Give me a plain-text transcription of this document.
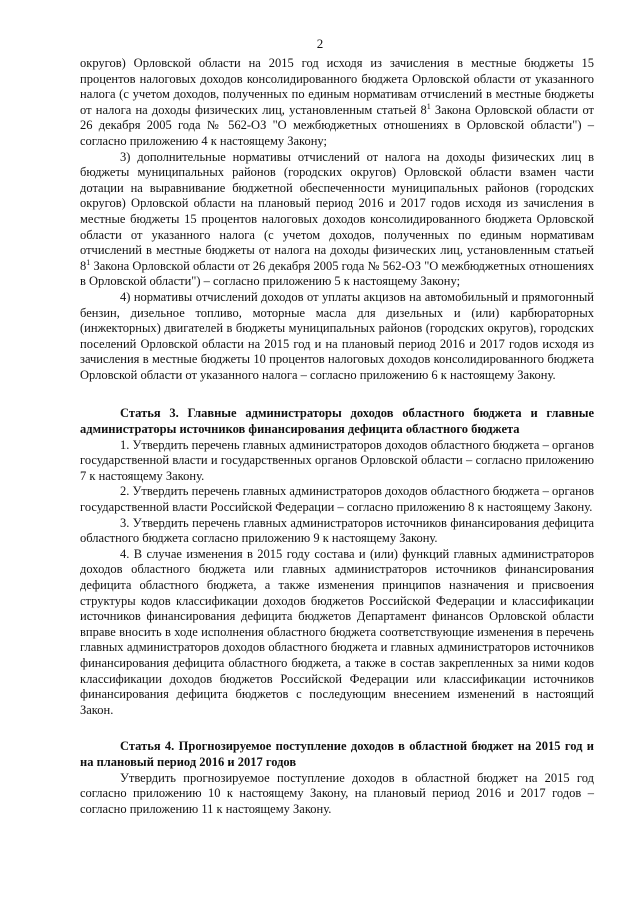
2

округов) Орловской области на 2015 год исходя из зачисления в местные бюджеты 15 процентов налоговых доходов консолидированного бюджета Орловской области от указанного налога (с учетом доходов, полученных по единым нормативам отчислений в местные бюджеты от налога на доходы физических лиц, установленным статьей $8^1$ Закона Орловской области от 26 декабря 2005 года № 562-ОЗ "О межбюджетных отношениях в Орловской области") – согласно приложению 4 к настоящему Закону;

3) дополнительные нормативы отчислений от налога на доходы физических лиц в бюджеты муниципальных районов (городских округов) Орловской области взамен части дотации на выравнивание бюджетной обеспеченности муниципальных районов (городских округов) Орловской области на плановый период 2016 и 2017 годов исходя из зачисления в местные бюджеты 15 процентов налоговых доходов консолидированного бюджета Орловской области от указанного налога (с учетом доходов, полученных по единым нормативам отчислений в местные бюджеты от налога на доходы физических лиц, установленным статьей $8^1$ Закона Орловской области от 26 декабря 2005 года № 562-ОЗ "О межбюджетных отношениях в Орловской области") – согласно приложению 5 к настоящему Закону;

4) нормативы отчислений доходов от уплаты акцизов на автомобильный и прямогонный бензин, дизельное топливо, моторные масла для дизельных и (или) карбюраторных (инжекторных) двигателей в бюджеты муниципальных районов (городских округов), городских поселений Орловской области на 2015 год и на плановый период 2016 и 2017 годов исходя из зачисления в местные бюджеты 10 процентов налоговых доходов консолидированного бюджета Орловской области от указанного налога – согласно приложению 6 к настоящему Закону.

Статья 3. Главные администраторы доходов областного бюджета и главные администраторы источников финансирования дефицита областного бюджета

1. Утвердить перечень главных администраторов доходов областного бюджета – органов государственной власти и государственных органов Орловской области – согласно приложению 7 к настоящему Закону.

2. Утвердить перечень главных администраторов доходов областного бюджета – органов государственной власти Российской Федерации – согласно приложению 8 к настоящему Закону.

3. Утвердить перечень главных администраторов источников финансирования дефицита областного бюджета согласно приложению 9 к настоящему Закону.

4. В случае изменения в 2015 году состава и (или) функций главных администраторов доходов областного бюджета или главных администраторов источников финансирования дефицита областного бюджета, а также изменения принципов назначения и присвоения структуры кодов классификации доходов бюджетов Российской Федерации и классификации источников финансирования дефицита бюджетов Департамент финансов Орловской области вправе вносить в ходе исполнения областного бюджета соответствующие изменения в перечень главных администраторов доходов областного бюджета и главных администраторов источников финансирования дефицита областного бюджета, а также в состав закрепленных за ними кодов классификации доходов бюджетов Российской Федерации или классификации источников финансирования дефицита бюджетов с последующим внесением изменений в настоящий Закон.

Статья 4. Прогнозируемое поступление доходов в областной бюджет на 2015 год и на плановый период 2016 и 2017 годов

Утвердить прогнозируемое поступление доходов в областной бюджет на 2015 год согласно приложению 10 к настоящему Закону, на плановый период 2016 и 2017 годов – согласно приложению 11 к настоящему Закону.
